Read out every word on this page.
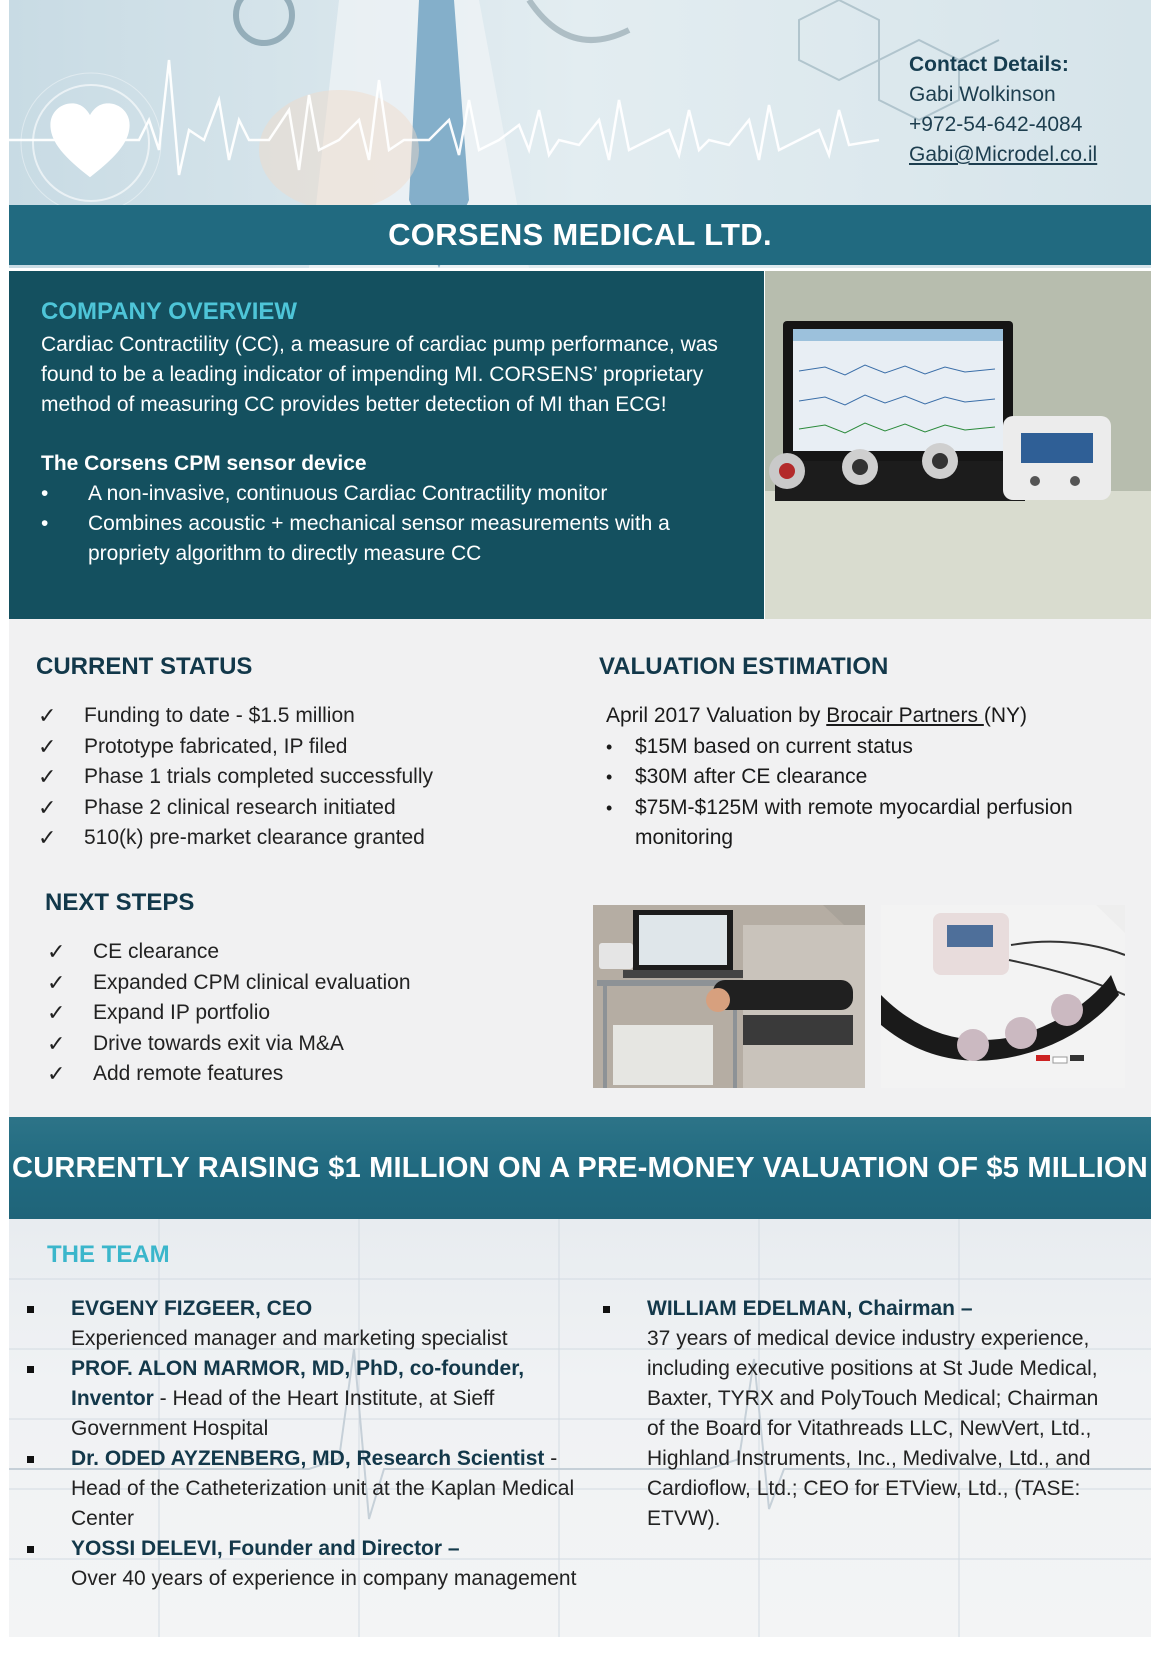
Contact Details:
Gabi Wolkinson
+972-54-642-4084
Gabi@Microdel.co.il
CORSENS MEDICAL LTD.
COMPANY OVERVIEW

Cardiac Contractility (CC), a measure of cardiac pump performance, was found to be a leading indicator of impending MI. CORSENS’ proprietary method of measuring CC provides better detection of MI than ECG!

The Corsens CPM sensor device
• A non-invasive, continuous Cardiac Contractility monitor
• Combines acoustic + mechanical sensor measurements with a propriety algorithm to directly measure CC
CURRENT STATUS
✓ Funding to date - $1.5 million
✓ Prototype fabricated, IP filed
✓ Phase 1 trials completed successfully
✓ Phase 2 clinical research initiated
✓ 510(k) pre-market clearance granted
VALUATION ESTIMATION
April 2017 Valuation by Brocair Partners (NY)
• $15M based on current status
• $30M after CE clearance
• $75M-$125M with remote myocardial perfusion monitoring
NEXT STEPS
✓ CE clearance
✓ Expanded CPM clinical evaluation
✓ Expand IP portfolio
✓ Drive towards exit via M&A
✓ Add remote features
CURRENTLY RAISING $1 MILLION ON A PRE-MONEY VALUATION OF $5 MILLION
THE TEAM
EVGENY FIZGEER, CEO
Experienced manager and marketing specialist
PROF. ALON MARMOR, MD, PhD, co-founder, Inventor - Head of the Heart Institute, at Sieff Government Hospital
Dr. ODED AYZENBERG, MD, Research Scientist - Head of the Catheterization unit at the Kaplan Medical Center
YOSSI DELEVI, Founder and Director –
Over 40 years of experience in company management
WILLIAM EDELMAN, Chairman –
37 years of medical device industry experience, including executive positions at St Jude Medical, Baxter, TYRX and PolyTouch Medical; Chairman of the Board for Vitathreads LLC, NewVert, Ltd., Highland Instruments, Inc., Medivalve, Ltd., and Cardioflow, Ltd.; CEO for ETView, Ltd., (TASE: ETVW).
